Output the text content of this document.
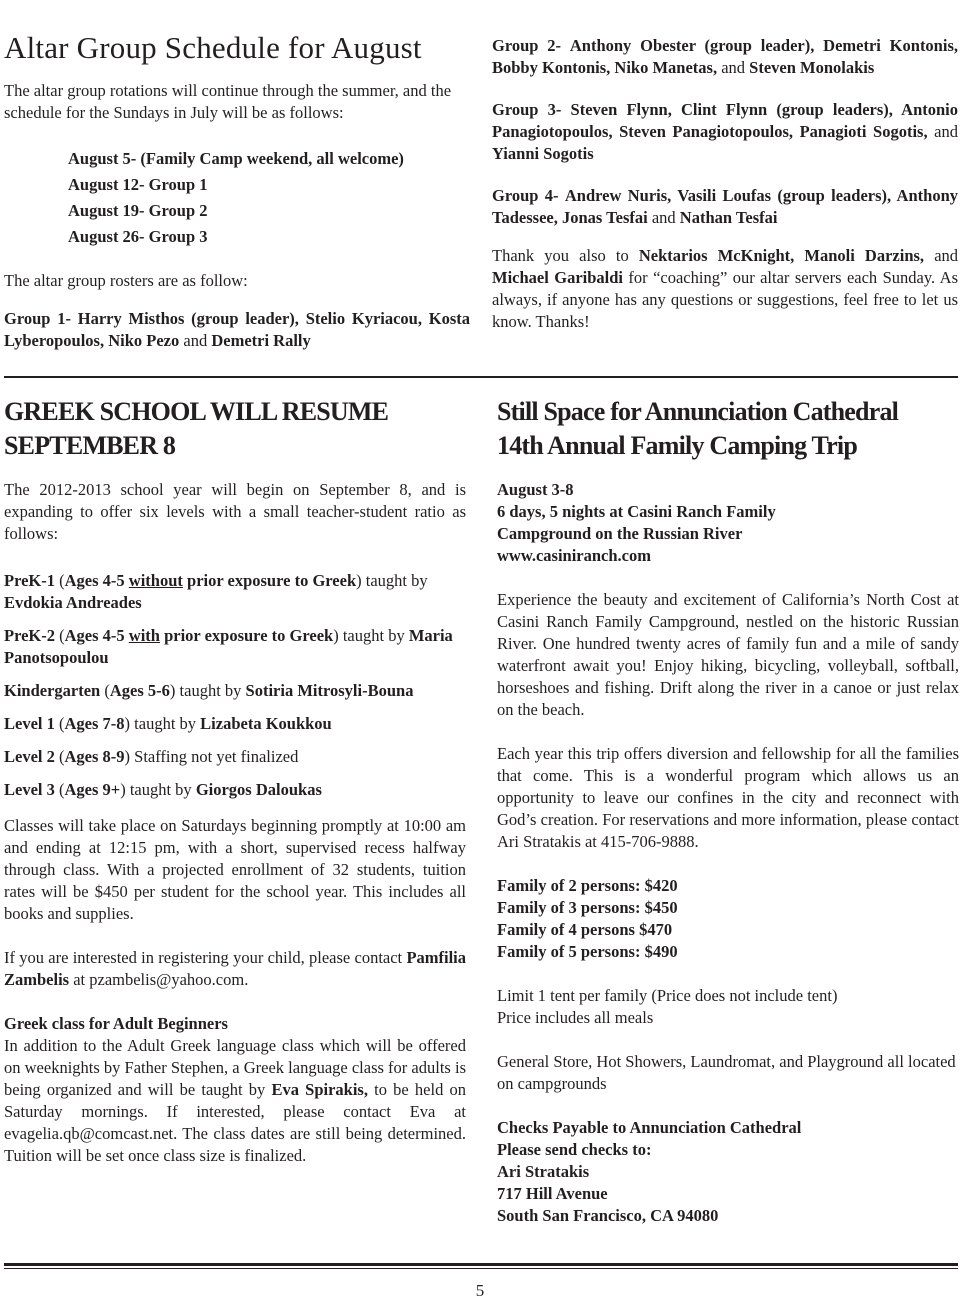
Altar Group Schedule for August

The altar group rotations will continue through the summer, and the schedule for the Sundays in July will be as follows:

August 5- (Family Camp weekend, all welcome)
August 12- Group 1
August 19- Group 2
August 26- Group 3

The altar group rosters are as follow:

Group 1- Harry Misthos (group leader), Stelio Kyriacou, Kosta Lyberopoulos, Niko Pezo and Demetri Rally

Group 2- Anthony Obester (group leader), Demetri Kontonis, Bobby Kontonis, Niko Manetas, and Steven Monolakis

Group 3- Steven Flynn, Clint Flynn (group leaders), Antonio Panagiotopoulos, Steven Panagiotopoulos, Panagioti Sogotis, and Yianni Sogotis

Group 4- Andrew Nuris, Vasili Loufas (group leaders), Anthony Tadessee, Jonas Tesfai and Nathan Tesfai

Thank you also to Nektarios McKnight, Manoli Darzins, and Michael Garibaldi for “coaching” our altar servers each Sunday. As always, if anyone has any questions or suggestions, feel free to let us know. Thanks!

GREEK SCHOOL WILL RESUME
SEPTEMBER 8

The 2012-2013 school year will begin on September 8, and is expanding to offer six levels with a small teacher-student ratio as follows:

PreK-1 (Ages 4-5 without prior exposure to Greek) taught by Evdokia Andreades

PreK-2 (Ages 4-5 with prior exposure to Greek) taught by Maria Panotsopoulou

Kindergarten (Ages 5-6) taught by Sotiria Mitrosyli-Bouna

Level 1 (Ages 7-8) taught by Lizabeta Koukkou

Level 2 (Ages 8-9) Staffing not yet finalized

Level 3 (Ages 9+) taught by Giorgos Daloukas

Classes will take place on Saturdays beginning promptly at 10:00 am and ending at 12:15 pm, with a short, supervised recess halfway through class. With a projected enrollment of 32 students, tuition rates will be $450 per student for the school year. This includes all books and supplies.

If you are interested in registering your child, please contact Pamfilia Zambelis at pzambelis@yahoo.com.

Greek class for Adult Beginners

In addition to the Adult Greek language class which will be offered on weeknights by Father Stephen, a Greek language class for adults is being organized and will be taught by Eva Spirakis, to be held on Saturday mornings. If interested, please contact Eva at evagelia.qb@comcast.net. The class dates are still being determined. Tuition will be set once class size is finalized.

Still Space for Annunciation Cathedral
14th Annual Family Camping Trip
August 3-8
6 days, 5 nights at Casini Ranch Family
Campground on the Russian River
www.casiniranch.com

Experience the beauty and excitement of California’s North Cost at Casini Ranch Family Campground, nestled on the historic Russian River. One hundred twenty acres of family fun and a mile of sandy waterfront await you! Enjoy hiking, bicycling, volleyball, softball, horseshoes and fishing. Drift along the river in a canoe or just relax on the beach.

Each year this trip offers diversion and fellowship for all the families that come. This is a wonderful program which allows us an opportunity to leave our confines in the city and reconnect with God’s creation. For reservations and more information, please contact Ari Stratakis at 415-706-9888.

Family of 2 persons: $420
Family of 3 persons: $450
Family of 4 persons $470
Family of 5 persons: $490
Limit 1 tent per family (Price does not include tent)
Price includes all meals

General Store, Hot Showers, Laundromat, and Playground all located on campgrounds

Checks Payable to Annunciation Cathedral
Please send checks to:
Ari Stratakis
717 Hill Avenue
South San Francisco, CA 94080
5
